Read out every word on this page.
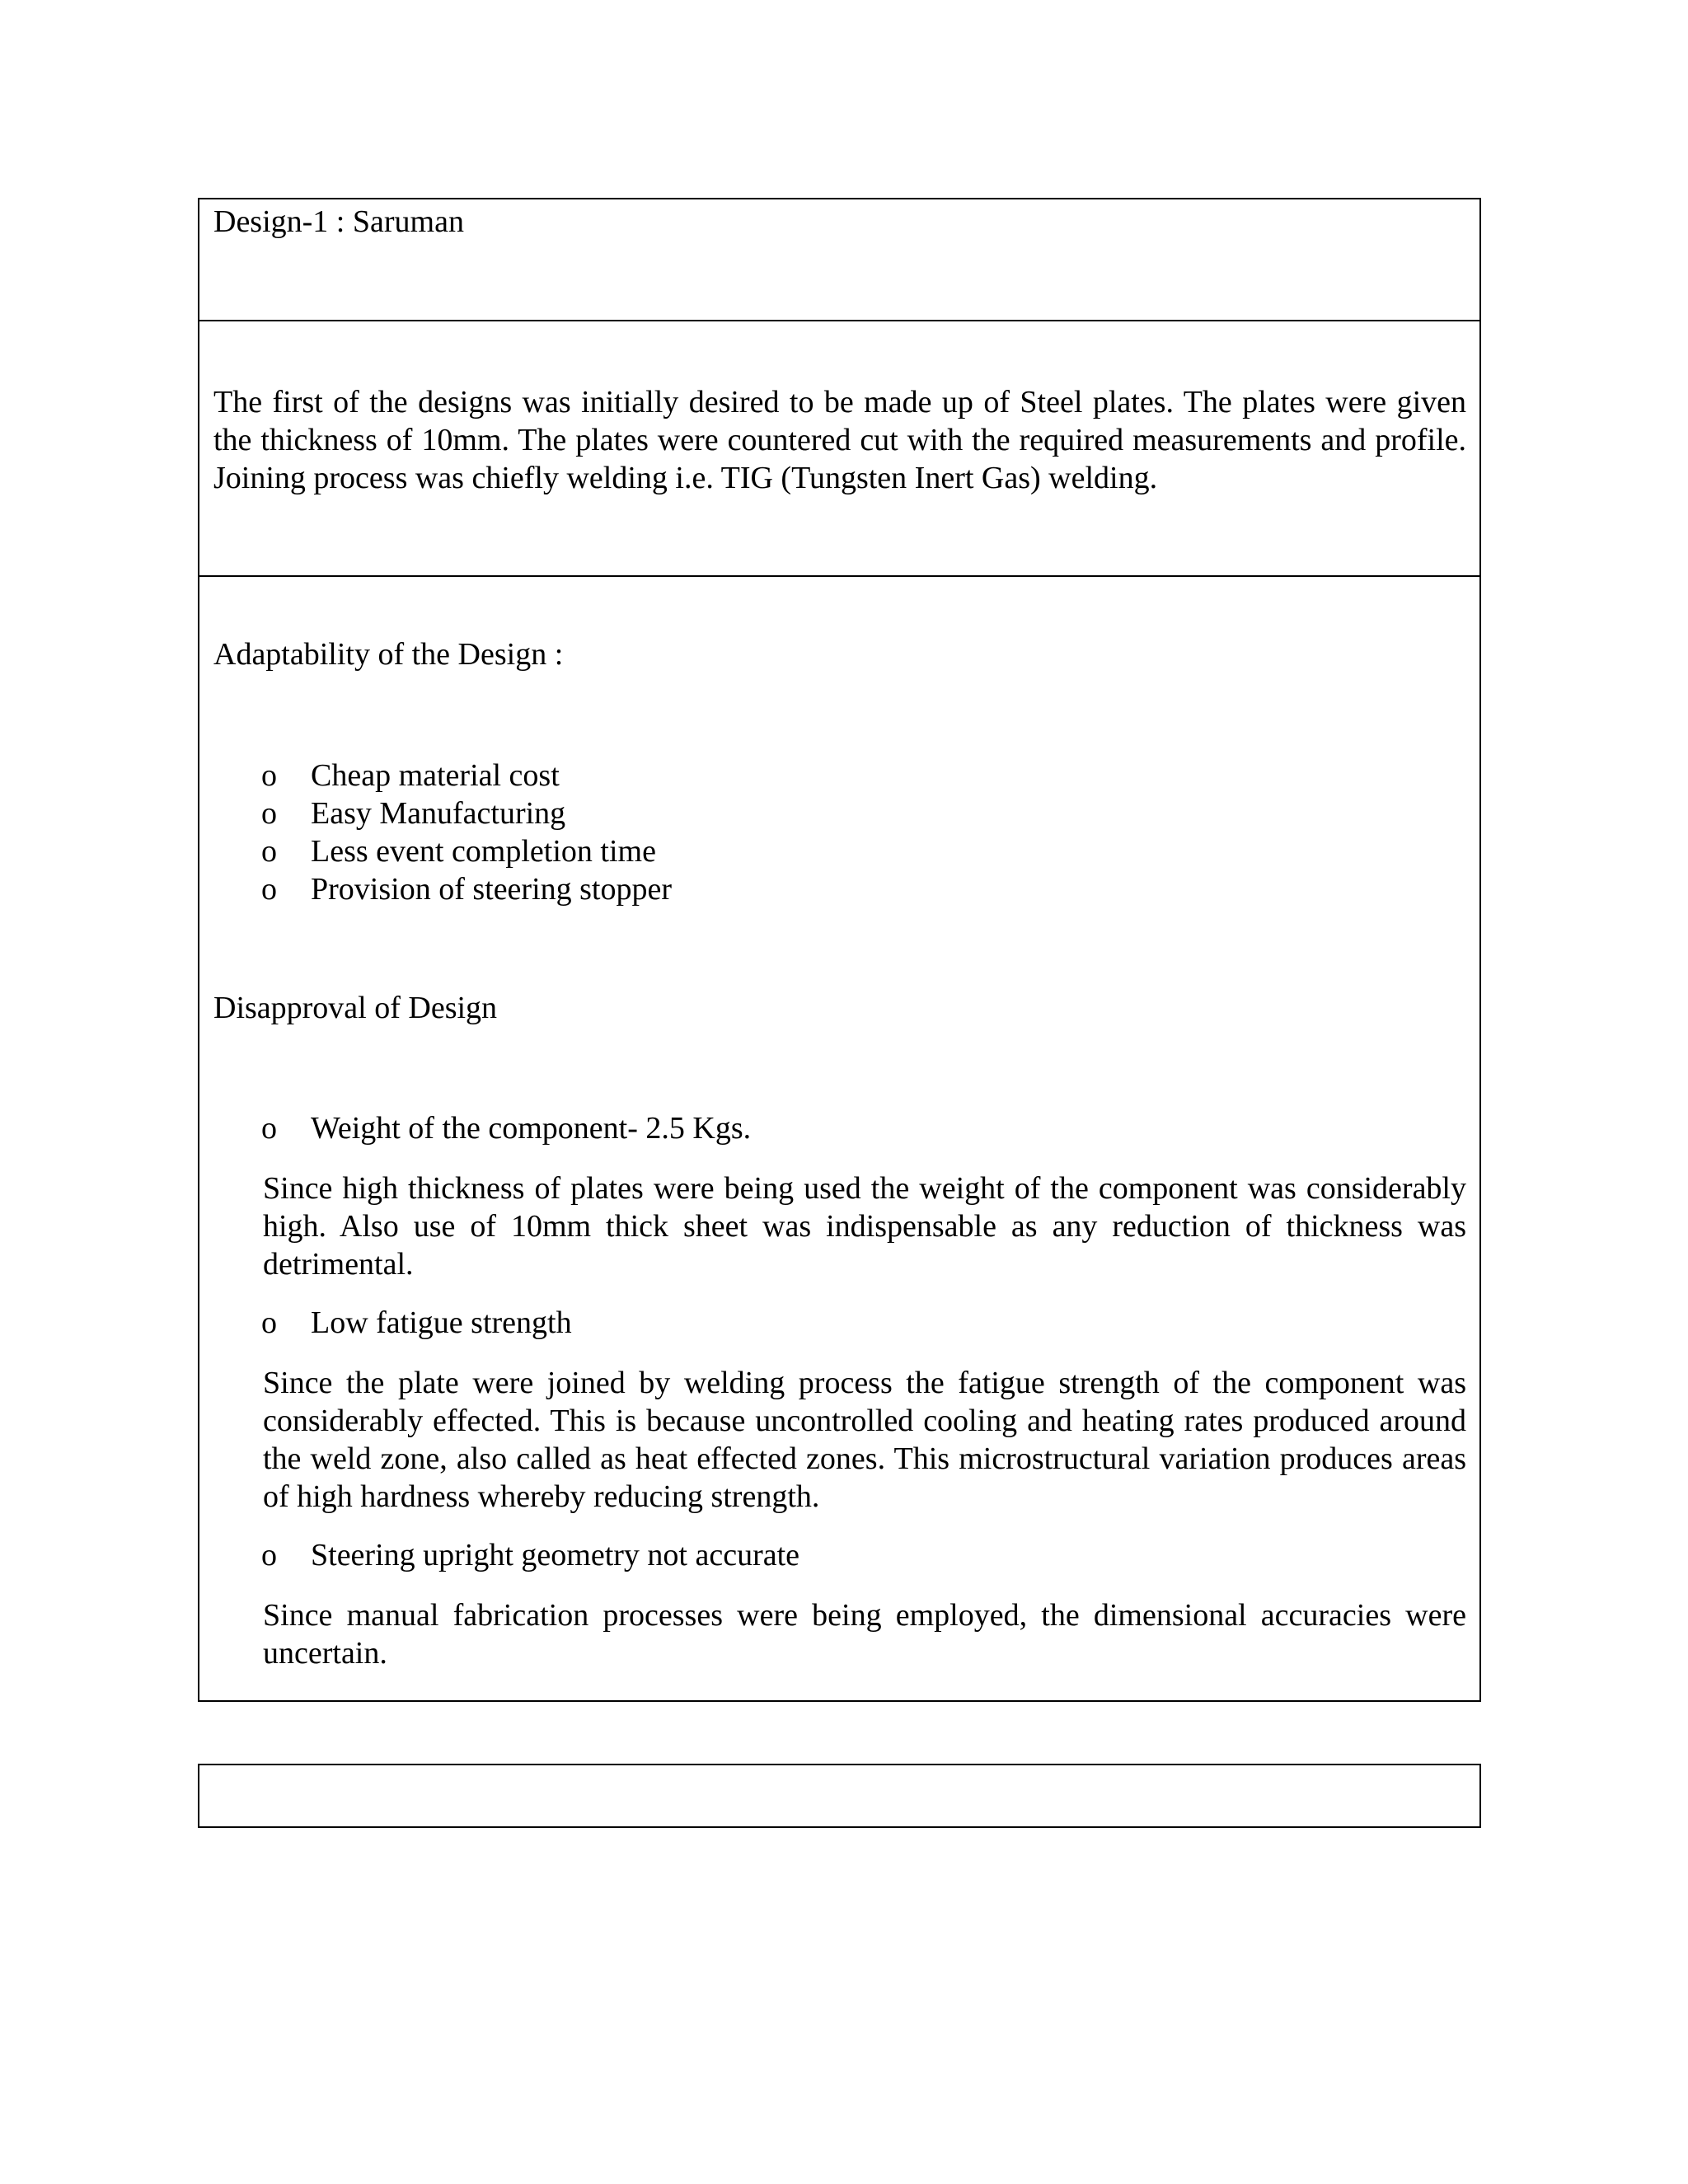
Design-1 : Saruman
The first of the designs was initially desired to be made up of Steel plates. The plates were given the thickness of 10mm. The plates were countered cut with the required measurements and profile. Joining process was chiefly welding i.e. TIG (Tungsten Inert Gas) welding.
Adaptability of the Design :
o Cheap material cost
o Easy Manufacturing
o Less event completion time
o Provision of steering stopper
Disapproval of Design
o Weight of the component- 2.5 Kgs.
Since high thickness of plates were being used the weight of the component was considerably high. Also use of 10mm thick sheet was indispensable as any reduction of thickness was detrimental.
o Low fatigue strength
Since the plate were joined by welding process the fatigue strength of the component was considerably effected. This is because uncontrolled cooling and heating rates produced around the weld zone, also called as heat effected zones. This microstructural variation produces areas of high hardness whereby reducing strength.
o Steering upright geometry not accurate
Since manual fabrication processes were being employed, the dimensional accuracies were uncertain.
